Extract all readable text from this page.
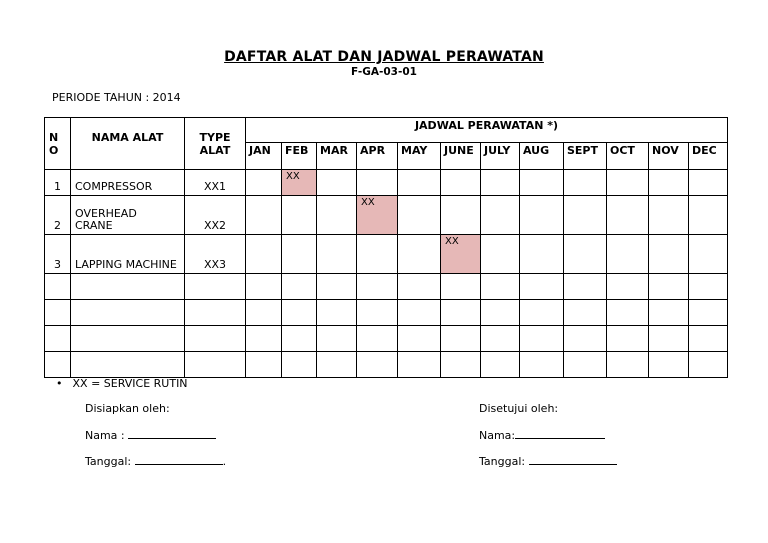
DAFTAR ALAT DAN JADWAL PERAWATAN
F-GA-03-01
PERIODE TAHUN : 2014
N O	NAMA ALAT	TYPE ALAT	JADWAL PERAWATAN *)											
			JAN	FEB	MAR	APR	MAY	JUNE	JULY	AUG	SEPT	OCT	NOV	DEC
1	COMPRESSOR	XX1		XX										
2	OVERHEAD CRANE	XX2				XX								
3	LAPPING MACHINE	XX3						XX						

• XX = SERVICE RUTIN
Disiapkan oleh:
Nama :
Tanggal:	.
Disetujui oleh:
Nama:
Tanggal:
